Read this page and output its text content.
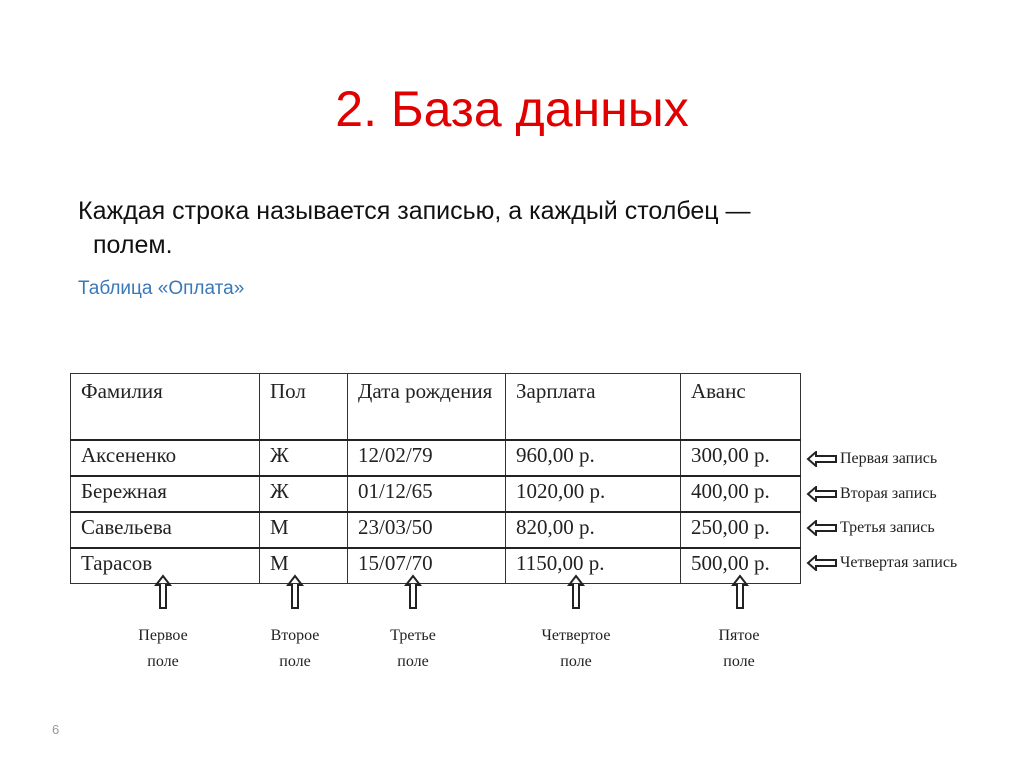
2. База данных
Каждая строка называется записью, а каждый столбец —
полем.
Таблица «Оплата»
Фамилия	Пол	Дата рождения	Зарплата	Аванс
Аксененко	Ж	12/02/79	960,00 р.	300,00 р.
Бережная	Ж	01/12/65	1020,00 р.	400,00 р.
Савельева	М	23/03/50	820,00 р.	250,00 р.
Тарасов	М	15/07/70	1150,00 р.	500,00 р.
Первая запись
Вторая запись
Третья запись
Четвертая запись
Первое
поле
Второе
поле
Третье
поле
Четвертое
поле
Пятое
поле
6
